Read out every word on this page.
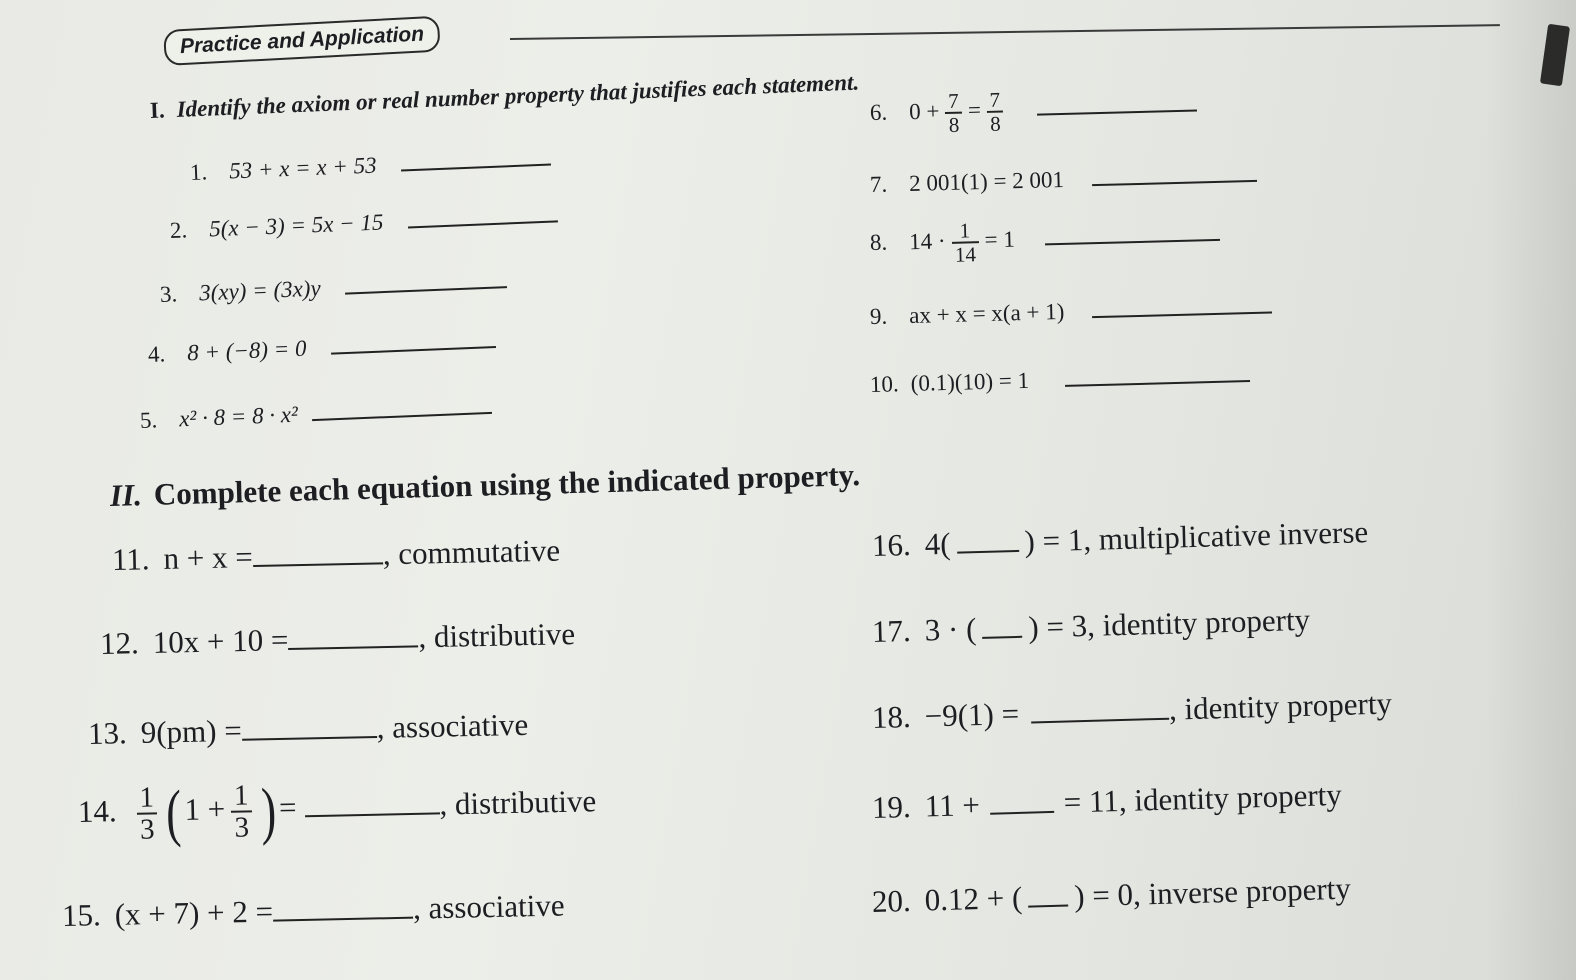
Practice and Application
I. Identify the axiom or real number property that justifies each statement.
1. 53 + x = x + 53
2. 5(x − 3) = 5x − 15
3. 3(xy) = (3x)y
4. 8 + (−8) = 0
5. x² · 8 = 8 · x²
6. $0 + \frac{7}{8} = \frac{7}{8}$
7. 2 001(1) = 2 001
8. $14 \cdot \frac{1}{14} = 1$
9. ax + x = x(a + 1)
10. (0.1)(10) = 1
II. Complete each equation using the indicated property.
11. n + x =	, commutative
12. 10x + 10 =	, distributive
13. 9(pm) =	, associative
14. $\frac{1}{3} (1 + \frac{1}{3}$ )=	, distributive
15. (x + 7) + 2 =	, associative
16. 4( ) = 1, multiplicative inverse
17. 3 · ( ) = 3, identity property
18. −9(1) =	, identity property
19. 11 +	= 11, identity property
20. 0.12 + ( ) = 0, inverse property
